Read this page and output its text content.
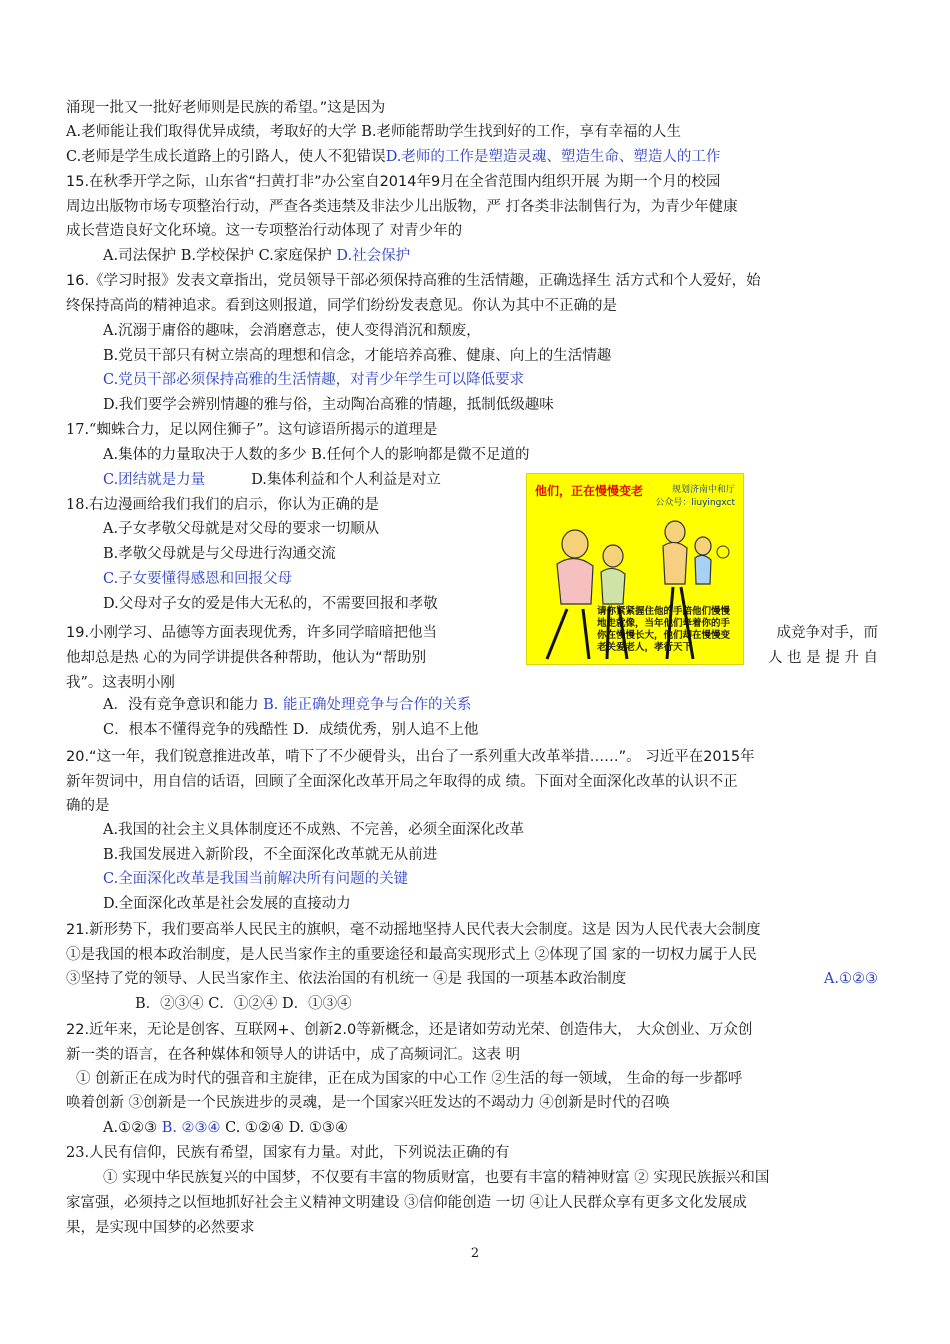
涌现一批又一批好老师则是民族的希望。”这是因为
A.老师能让我们取得优异成绩，考取好的大学 B.老师能帮助学生找到好的工作，享有幸福的人生
C.老师是学生成长道路上的引路人，使人不犯错误D.老师的工作是塑造灵魂、塑造生命、塑造人的工作
15.在秋季开学之际，山东省“扫黄打非”办公室自2014年9月在全省范围内组织开展 为期一个月的校园
周边出版物市场专项整治行动，严查各类违禁及非法少儿出版物，严 打各类非法制售行为，为青少年健康
成长营造良好文化环境。这一专项整治行动体现了 对青少年的
A.司法保护 B.学校保护 C.家庭保护 D.社会保护
16.《学习时报》发表文章指出，党员领导干部必须保持高雅的生活情趣，正确选择生 活方式和个人爱好，始
终保持高尚的精神追求。看到这则报道，同学们纷纷发表意见。你认为其中不正确的是
A.沉溺于庸俗的趣味，会消磨意志，使人变得消沉和颓废，
B.党员干部只有树立崇高的理想和信念，才能培养高雅、健康、向上的生活情趣
C.党员干部必须保持高雅的生活情趣，对青少年学生可以降低要求
D.我们要学会辨别情趣的雅与俗，主动陶冶高雅的情趣，抵制低级趣味
17.“蜘蛛合力，足以网住狮子”。这句谚语所揭示的道理是
A.集体的力量取决于人数的多少 B.任何个人的影响都是微不足道的
C.团结就是力量	D.集体利益和个人利益是对立
18.右边漫画给我们我们的启示，你认为正确的是
A.子女孝敬父母就是对父母的要求一切顺从
B.孝敬父母就是与父母进行沟通交流
C.子女要懂得感恩和回报父母
D.父母对子女的爱是伟大无私的，不需要回报和孝敬
19.小刚学习、品德等方面表现优秀，许多同学暗暗把他当	成竞争对手，而
他却总是热 心的为同学讲提供各种帮助，他认为“帮助别	人 也 是 提 升 自
我”。这表明小刚
A．没有竞争意识和能力 B. 能正确处理竞争与合作的关系
C．根本不懂得竞争的残酷性 D．成绩优秀，别人追不上他
20.“这一年，我们锐意推进改革，啃下了不少硬骨头，出台了一系列重大改革举措……”。 习近平在2015年
新年贺词中，用自信的话语，回顾了全面深化改革开局之年取得的成 绩。下面对全面深化改革的认识不正
确的是
A.我国的社会主义具体制度还不成熟、不完善，必须全面深化改革
B.我国发展进入新阶段，不全面深化改革就无从前进
C.全面深化改革是我国当前解决所有问题的关键
D.全面深化改革是社会发展的直接动力
21.新形势下，我们要高举人民民主的旗帜，毫不动摇地坚持人民代表大会制度。这是 因为人民代表大会制度
①是我国的根本政治制度，是人民当家作主的重要途径和最高实现形式上 ②体现了国 家的一切权力属于人民
③坚持了党的领导、人民当家作主、依法治国的有机统一 ④是 我国的一项基本政治制度	A.①②③
B．②③④ C．①②④ D．①③④
22.近年来，无论是创客、互联网+、创新2.0等新概念，还是诸如劳动光荣、创造伟大， 大众创业、万众创
新一类的语言，在各种媒体和领导人的讲话中，成了高频词汇。这表 明
① 创新正在成为时代的强音和主旋律，正在成为国家的中心工作 ②生活的每一领域， 生命的每一步都呼
唤着创新 ③创新是一个民族进步的灵魂，是一个国家兴旺发达的不竭动力 ④创新是时代的召唤
A.①②③ B. ②③④ C. ①②④ D. ①③④
23.人民有信仰，民族有希望，国家有力量。对此，下列说法正确的有
① 实现中华民族复兴的中国梦，不仅要有丰富的物质财富，也要有丰富的精神财富 ② 实现民族振兴和国
家富强，必须持之以恒地抓好社会主义精神文明建设 ③信仰能创造 一切 ④让人民群众享有更多文化发展成
果，是实现中国梦的必然要求
他们，正在慢慢变老	规划济南中和厅
公众号：liuyingxct
请你紧紧握住他的手陪他们慢慢地走就像，当年他们牵着你的手你在慢慢长大，他们却在慢慢变老关爱老人，孝行天下
2
